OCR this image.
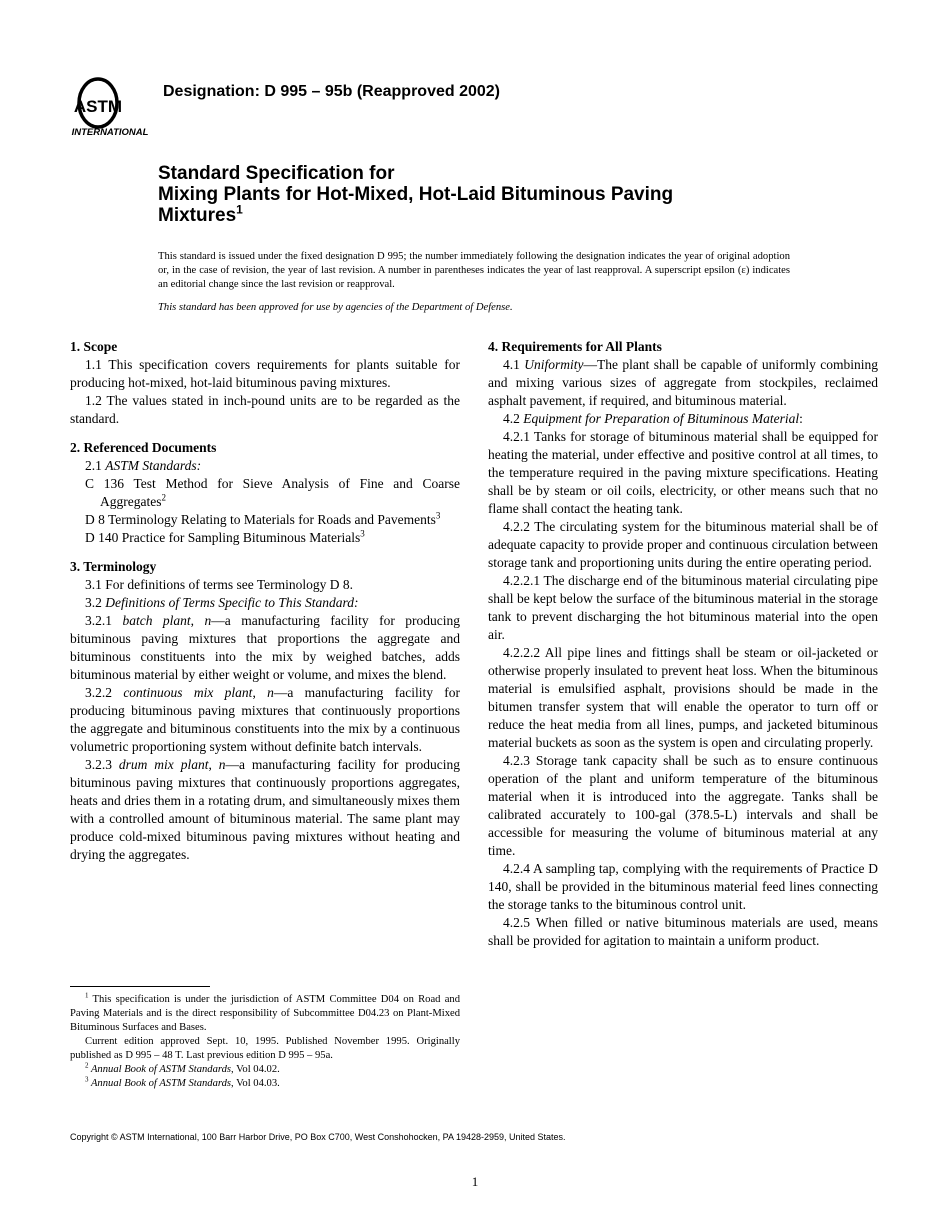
ASTM
INTERNATIONAL
Designation: D 995 – 95b (Reapproved 2002)
Standard Specification for
Mixing Plants for Hot-Mixed, Hot-Laid Bituminous Paving
Mixtures$^1$
This standard is issued under the fixed designation D 995; the number immediately following the designation indicates the year of original adoption or, in the case of revision, the year of last revision. A number in parentheses indicates the year of last reapproval. A superscript epsilon (ε) indicates an editorial change since the last revision or reapproval.
This standard has been approved for use by agencies of the Department of Defense.
1. Scope

1.1 This specification covers requirements for plants suitable for producing hot-mixed, hot-laid bituminous paving mixtures.

1.2 The values stated in inch-pound units are to be regarded as the standard.

2. Referenced Documents

2.1 ASTM Standards:

C 136 Test Method for Sieve Analysis of Fine and Coarse Aggregates$^2$

D 8 Terminology Relating to Materials for Roads and Pavements$^3$

D 140 Practice for Sampling Bituminous Materials$^3$

3. Terminology

3.1 For definitions of terms see Terminology D 8.

3.2 Definitions of Terms Specific to This Standard:

3.2.1 batch plant, n—a manufacturing facility for producing bituminous paving mixtures that proportions the aggregate and bituminous constituents into the mix by weighed batches, adds bituminous material by either weight or volume, and mixes the blend.

3.2.2 continuous mix plant, n—a manufacturing facility for producing bituminous paving mixtures that continuously proportions the aggregate and bituminous constituents into the mix by a continuous volumetric proportioning system without definite batch intervals.

3.2.3 drum mix plant, n—a manufacturing facility for producing bituminous paving mixtures that continuously proportions aggregates, heats and dries them in a rotating drum, and simultaneously mixes them with a controlled amount of bituminous material. The same plant may produce cold-mixed bituminous paving mixtures without heating and drying the aggregates.

4. Requirements for All Plants

4.1 Uniformity—The plant shall be capable of uniformly combining and mixing various sizes of aggregate from stockpiles, reclaimed asphalt pavement, if required, and bituminous material.

4.2 Equipment for Preparation of Bituminous Material:

4.2.1 Tanks for storage of bituminous material shall be equipped for heating the material, under effective and positive control at all times, to the temperature required in the paving mixture specifications. Heating shall be by steam or oil coils, electricity, or other means such that no flame shall contact the heating tank.

4.2.2 The circulating system for the bituminous material shall be of adequate capacity to provide proper and continuous circulation between storage tank and proportioning units during the entire operating period.

4.2.2.1 The discharge end of the bituminous material circulating pipe shall be kept below the surface of the bituminous material in the storage tank to prevent discharging the hot bituminous material into the open air.

4.2.2.2 All pipe lines and fittings shall be steam or oil-jacketed or otherwise properly insulated to prevent heat loss. When the bituminous material is emulsified asphalt, provisions should be made in the bitumen transfer system that will enable the operator to turn off or reduce the heat media from all lines, pumps, and jacketed bituminous material buckets as soon as the system is open and circulating properly.

4.2.3 Storage tank capacity shall be such as to ensure continuous operation of the plant and uniform temperature of the bituminous material when it is introduced into the aggregate. Tanks shall be calibrated accurately to 100-gal (378.5-L) intervals and shall be accessible for measuring the volume of bituminous material at any time.

4.2.4 A sampling tap, complying with the requirements of Practice D 140, shall be provided in the bituminous material feed lines connecting the storage tanks to the bituminous control unit.

4.2.5 When filled or native bituminous materials are used, means shall be provided for agitation to maintain a uniform product.

$^1$ This specification is under the jurisdiction of ASTM Committee D04 on Road and Paving Materials and is the direct responsibility of Subcommittee D04.23 on Plant-Mixed Bituminous Surfaces and Bases.

Current edition approved Sept. 10, 1995. Published November 1995. Originally published as D 995 – 48 T. Last previous edition D 995 – 95a.

$^2$ Annual Book of ASTM Standards, Vol 04.02.

$^3$ Annual Book of ASTM Standards, Vol 04.03.

Copyright © ASTM International, 100 Barr Harbor Drive, PO Box C700, West Conshohocken, PA 19428-2959, United States.
1
